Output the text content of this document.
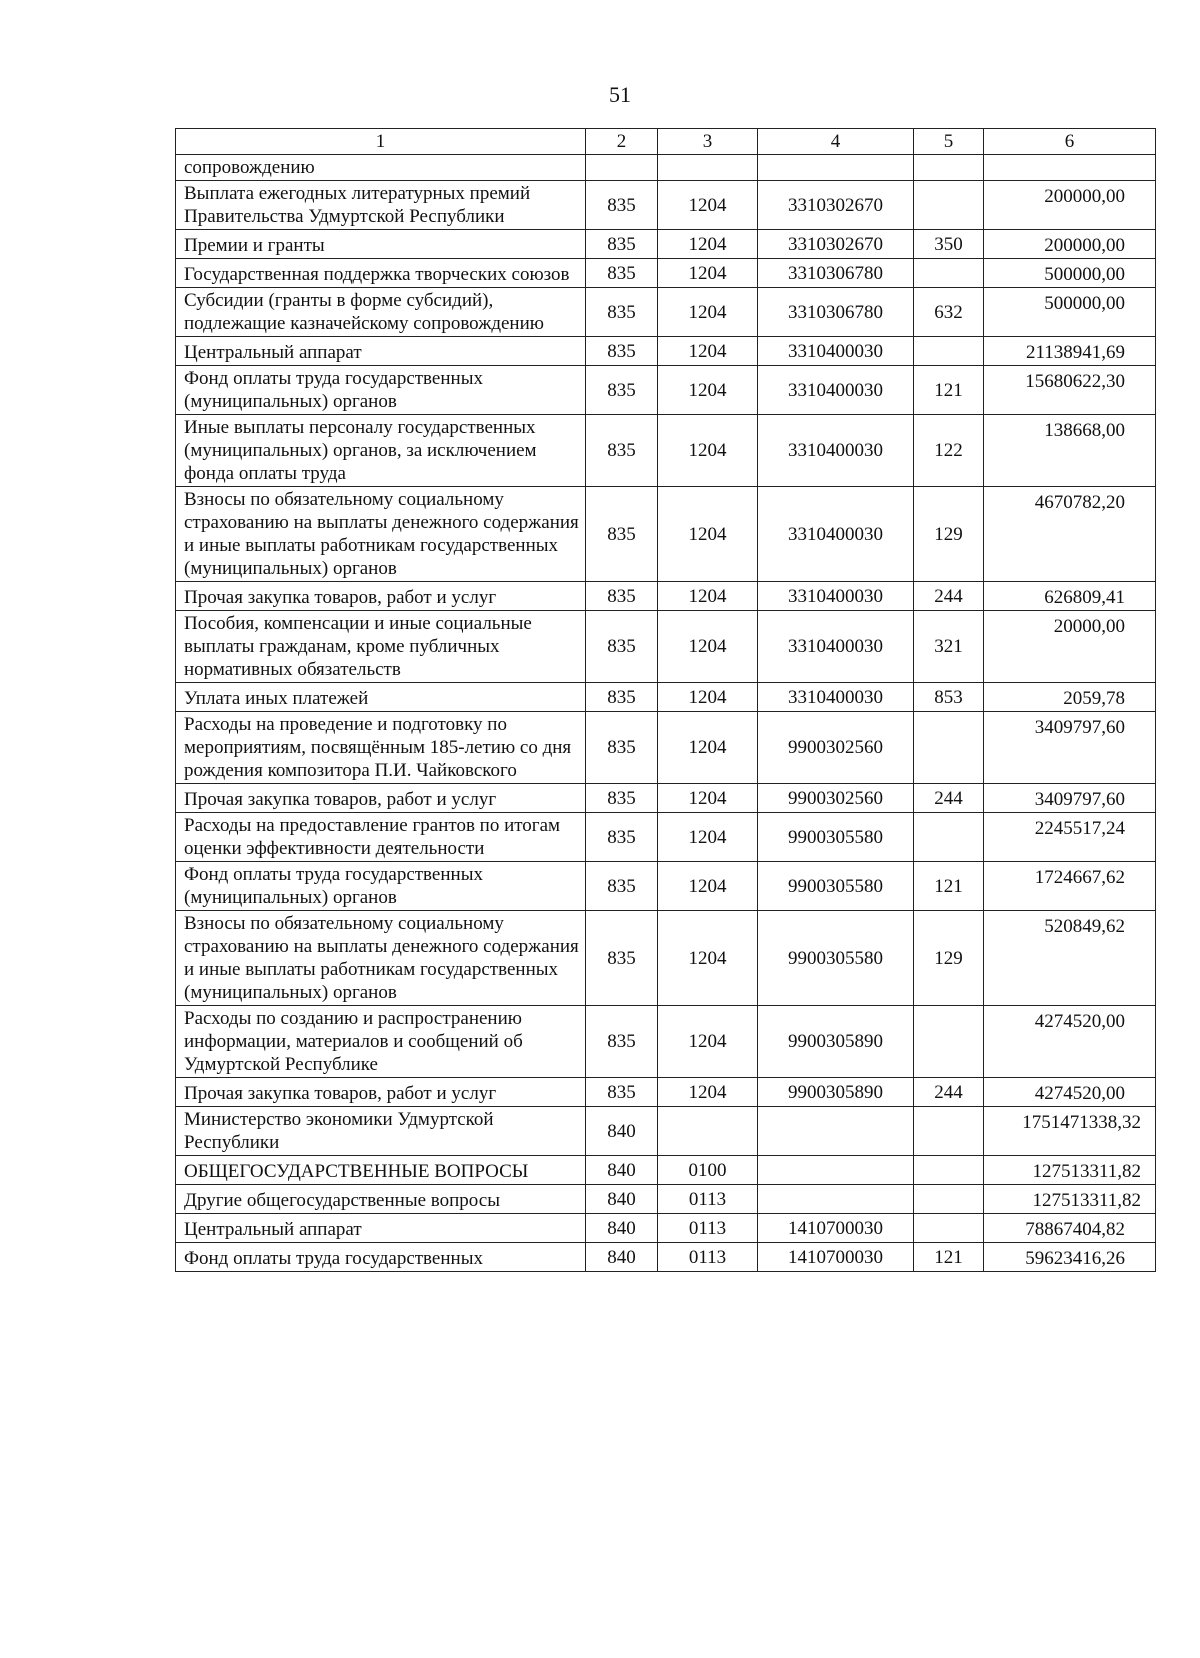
51
1	2	3	4	5	6
сопровождению					
Выплата ежегодных литературных премий Правительства Удмуртской Республики	835	1204	3310302670		200000,00
Премии и гранты	835	1204	3310302670	350	200000,00
Государственная поддержка творческих союзов	835	1204	3310306780		500000,00
Субсидии (гранты в форме субсидий), подлежащие казначейскому сопровождению	835	1204	3310306780	632	500000,00
Центральный аппарат	835	1204	3310400030		21138941,69
Фонд оплаты труда государственных (муниципальных) органов	835	1204	3310400030	121	15680622,30
Иные выплаты персоналу государственных (муниципальных) органов, за исключением фонда оплаты труда	835	1204	3310400030	122	138668,00
Взносы по обязательному социальному страхованию на выплаты денежного содержания и иные выплаты работникам государственных (муниципальных) органов	835	1204	3310400030	129	4670782,20
Прочая закупка товаров, работ и услуг	835	1204	3310400030	244	626809,41
Пособия, компенсации и иные социальные выплаты гражданам, кроме публичных нормативных обязательств	835	1204	3310400030	321	20000,00
Уплата иных платежей	835	1204	3310400030	853	2059,78
Расходы на проведение и подготовку по мероприятиям, посвящённым 185-летию со дня рождения композитора П.И. Чайковского	835	1204	9900302560		3409797,60
Прочая закупка товаров, работ и услуг	835	1204	9900302560	244	3409797,60
Расходы на предоставление грантов по итогам оценки эффективности деятельности	835	1204	9900305580		2245517,24
Фонд оплаты труда государственных (муниципальных) органов	835	1204	9900305580	121	1724667,62
Взносы по обязательному социальному страхованию на выплаты денежного содержания и иные выплаты работникам государственных (муниципальных) органов	835	1204	9900305580	129	520849,62
Расходы по созданию и распространению информации, материалов и сообщений об Удмуртской Республике	835	1204	9900305890		4274520,00
Прочая закупка товаров, работ и услуг	835	1204	9900305890	244	4274520,00
Министерство экономики Удмуртской Республики	840				1751471338,32
ОБЩЕГОСУДАРСТВЕННЫЕ ВОПРОСЫ	840	0100			127513311,82
Другие общегосударственные вопросы	840	0113			127513311,82
Центральный аппарат	840	0113	1410700030		78867404,82
Фонд оплаты труда государственных	840	0113	1410700030	121	59623416,26
